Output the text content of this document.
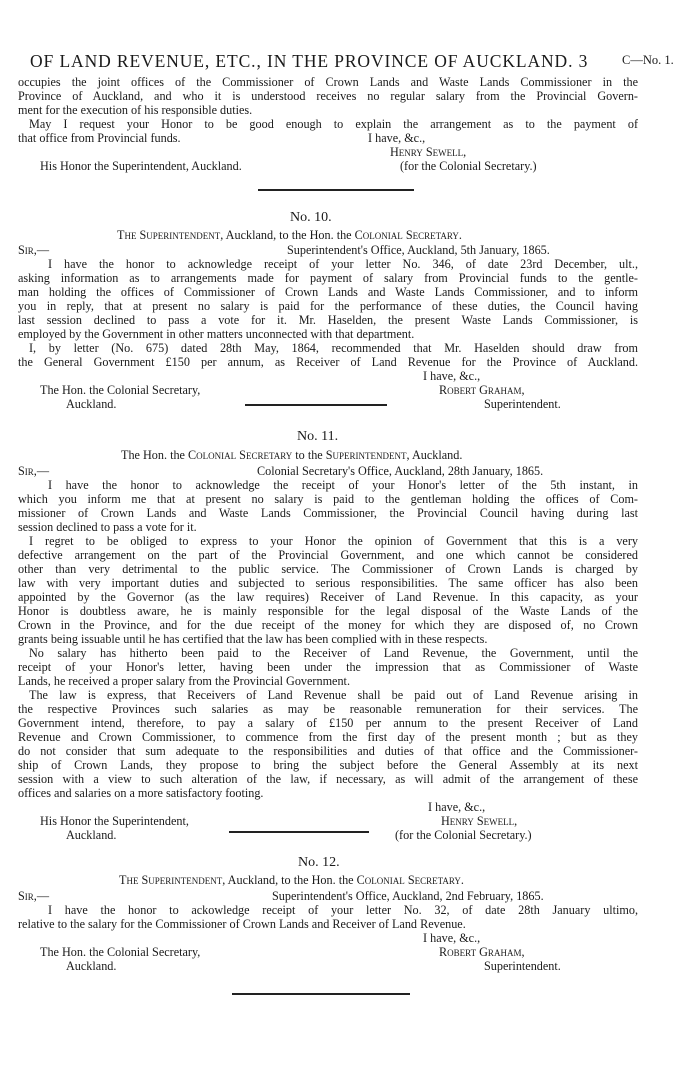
OF LAND REVENUE, ETC., IN THE PROVINCE OF AUCKLAND. 3	C—No. 1.
occupies the joint offices of the Commissioner of Crown Lands and Waste Lands Commissioner in the
Province of Auckland, and who it is understood receives no regular salary from the Provincial Govern-
ment for the execution of his responsible duties.
May I request your Honor to be good enough to explain the arrangement as to the payment of
that office from Provincial funds.	I have, &c.,
Henry Sewell,
His Honor the Superintendent, Auckland.	(for the Colonial Secretary.)
No. 10.
The Superintendent, Auckland, to the Hon. the Colonial Secretary.
Sir,—	Superintendent's Office, Auckland, 5th January, 1865.
I have the honor to acknowledge receipt of your letter No. 346, of date 23rd December, ult.,
asking information as to arrangements made for payment of salary from Provincial funds to the gentle-
man holding the offices of Commissioner of Crown Lands and Waste Lands Commissioner, and to inform
you in reply, that at present no salary is paid for the performance of these duties, the Council having
last session declined to pass a vote for it. Mr. Haselden, the present Waste Lands Commissioner, is
employed by the Government in other matters unconnected with that department.
I, by letter (No. 675) dated 28th May, 1864, recommended that Mr. Haselden should draw from
the General Government £150 per annum, as Receiver of Land Revenue for the Province of Auckland.
I have, &c.,
Robert Graham,
The Hon. the Colonial Secretary,
Auckland.	Superintendent.
No. 11.
The Hon. the Colonial Secretary to the Superintendent, Auckland.
Sir,—	Colonial Secretary's Office, Auckland, 28th January, 1865.
I have the honor to acknowledge the receipt of your Honor's letter of the 5th instant, in
which you inform me that at present no salary is paid to the gentleman holding the offices of Com-
missioner of Crown Lands and Waste Lands Commissioner, the Provincial Council having during last
session declined to pass a vote for it.
I regret to be obliged to express to your Honor the opinion of Government that this is a very
defective arrangement on the part of the Provincial Government, and one which cannot be considered
other than very detrimental to the public service. The Commissioner of Crown Lands is charged by
law with very important duties and subjected to serious responsibilities. The same officer has also been
appointed by the Governor (as the law requires) Receiver of Land Revenue. In this capacity, as your
Honor is doubtless aware, he is mainly responsible for the legal disposal of the Waste Lands of the
Crown in the Province, and for the due receipt of the money for which they are disposed of, no Crown
grants being issuable until he has certified that the law has been complied with in these respects.
No salary has hitherto been paid to the Receiver of Land Revenue, the Government, until the
receipt of your Honor's letter, having been under the impression that as Commissioner of Waste
Lands, he received a proper salary from the Provincial Government.
The law is express, that Receivers of Land Revenue shall be paid out of Land Revenue arising in
the respective Provinces such salaries as may be reasonable remuneration for their services. The
Government intend, therefore, to pay a salary of £150 per annum to the present Receiver of Land
Revenue and Crown Commissioner, to commence from the first day of the present month ; but as they
do not consider that sum adequate to the responsibilities and duties of that office and the Commissioner-
ship of Crown Lands, they propose to bring the subject before the General Assembly at its next
session with a view to such alteration of the law, if necessary, as will admit of the arrangement of these
offices and salaries on a more satisfactory footing.
I have, &c.,
Henry Sewell,
His Honor the Superintendent,
Auckland.	(for the Colonial Secretary.)
No. 12.
The Superintendent, Auckland, to the Hon. the Colonial Secretary.
Sir,—	Superintendent's Office, Auckland, 2nd February, 1865.
I have the honor to ackowledge receipt of your letter No. 32, of date 28th January ultimo,
relative to the salary for the Commissioner of Crown Lands and Receiver of Land Revenue.
I have, &c.,
Robert Graham,
The Hon. the Colonial Secretary,
Auckland.	Superintendent.
